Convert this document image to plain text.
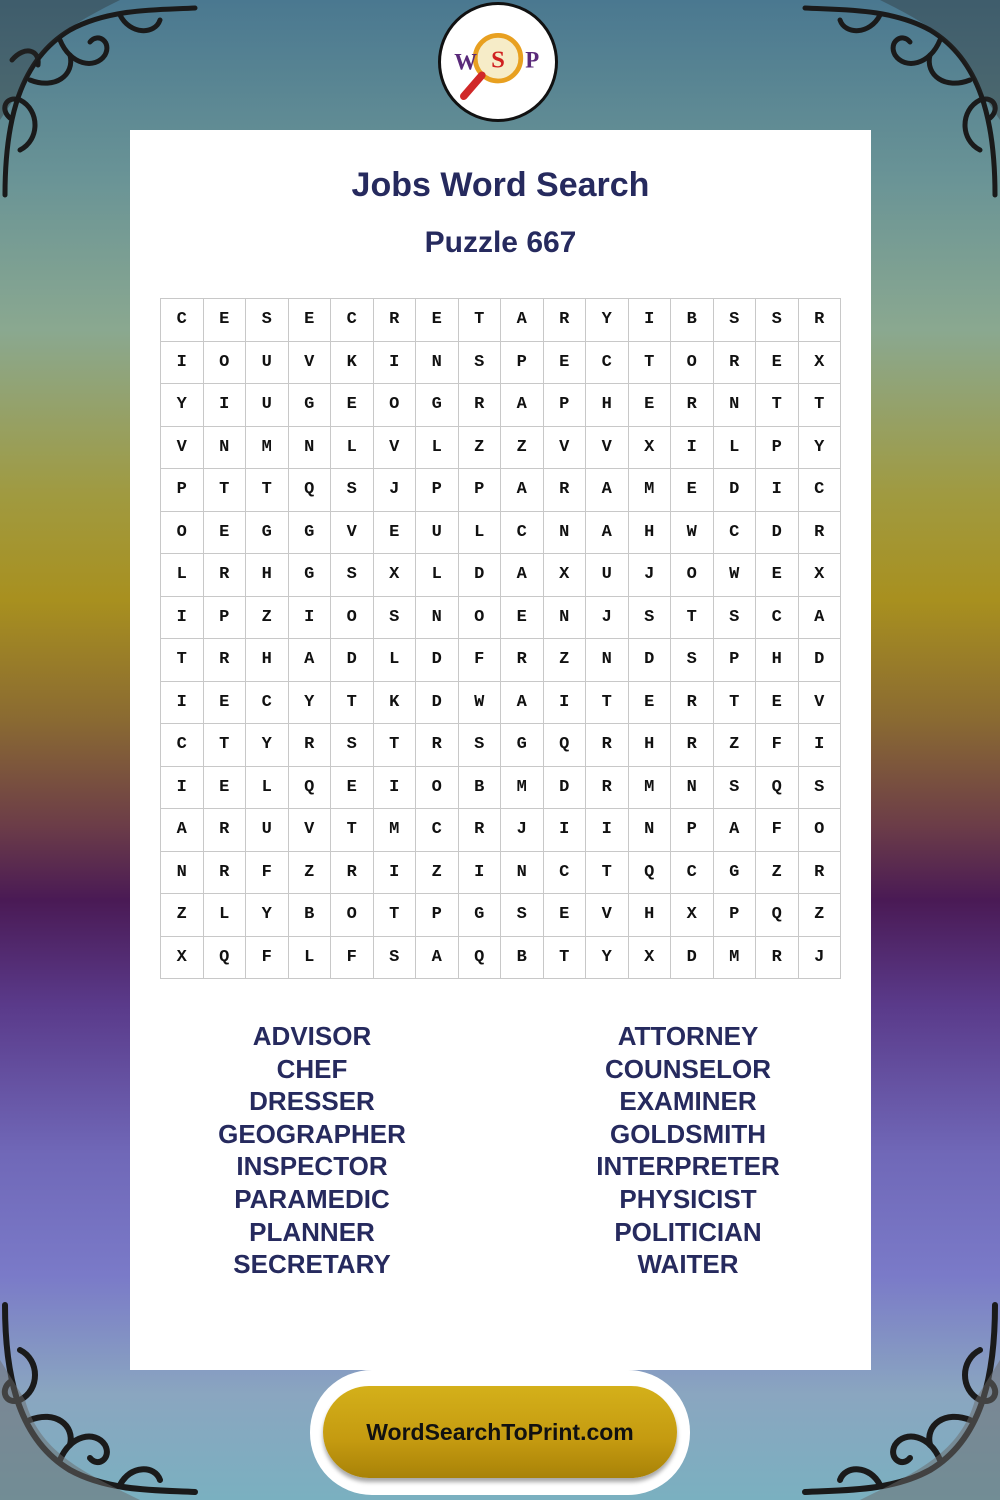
W S P
Jobs Word Search
Puzzle 667
C	E	S	E	C	R	E	T	A	R	Y	I	B	S	S	R
I	O	U	V	K	I	N	S	P	E	C	T	O	R	E	X
Y	I	U	G	E	O	G	R	A	P	H	E	R	N	T	T
V	N	M	N	L	V	L	Z	Z	V	V	X	I	L	P	Y
P	T	T	Q	S	J	P	P	A	R	A	M	E	D	I	C
O	E	G	G	V	E	U	L	C	N	A	H	W	C	D	R
L	R	H	G	S	X	L	D	A	X	U	J	O	W	E	X
I	P	Z	I	O	S	N	O	E	N	J	S	T	S	C	A
T	R	H	A	D	L	D	F	R	Z	N	D	S	P	H	D
I	E	C	Y	T	K	D	W	A	I	T	E	R	T	E	V
C	T	Y	R	S	T	R	S	G	Q	R	H	R	Z	F	I
I	E	L	Q	E	I	O	B	M	D	R	M	N	S	Q	S
A	R	U	V	T	M	C	R	J	I	I	N	P	A	F	O
N	R	F	Z	R	I	Z	I	N	C	T	Q	C	G	Z	R
Z	L	Y	B	O	T	P	G	S	E	V	H	X	P	Q	Z
X	Q	F	L	F	S	A	Q	B	T	Y	X	D	M	R	J
ADVISOR
CHEF
DRESSER
GEOGRAPHER
INSPECTOR
PARAMEDIC
PLANNER
SECRETARY
ATTORNEY
COUNSELOR
EXAMINER
GOLDSMITH
INTERPRETER
PHYSICIST
POLITICIAN
WAITER
WordSearchToPrint.com
